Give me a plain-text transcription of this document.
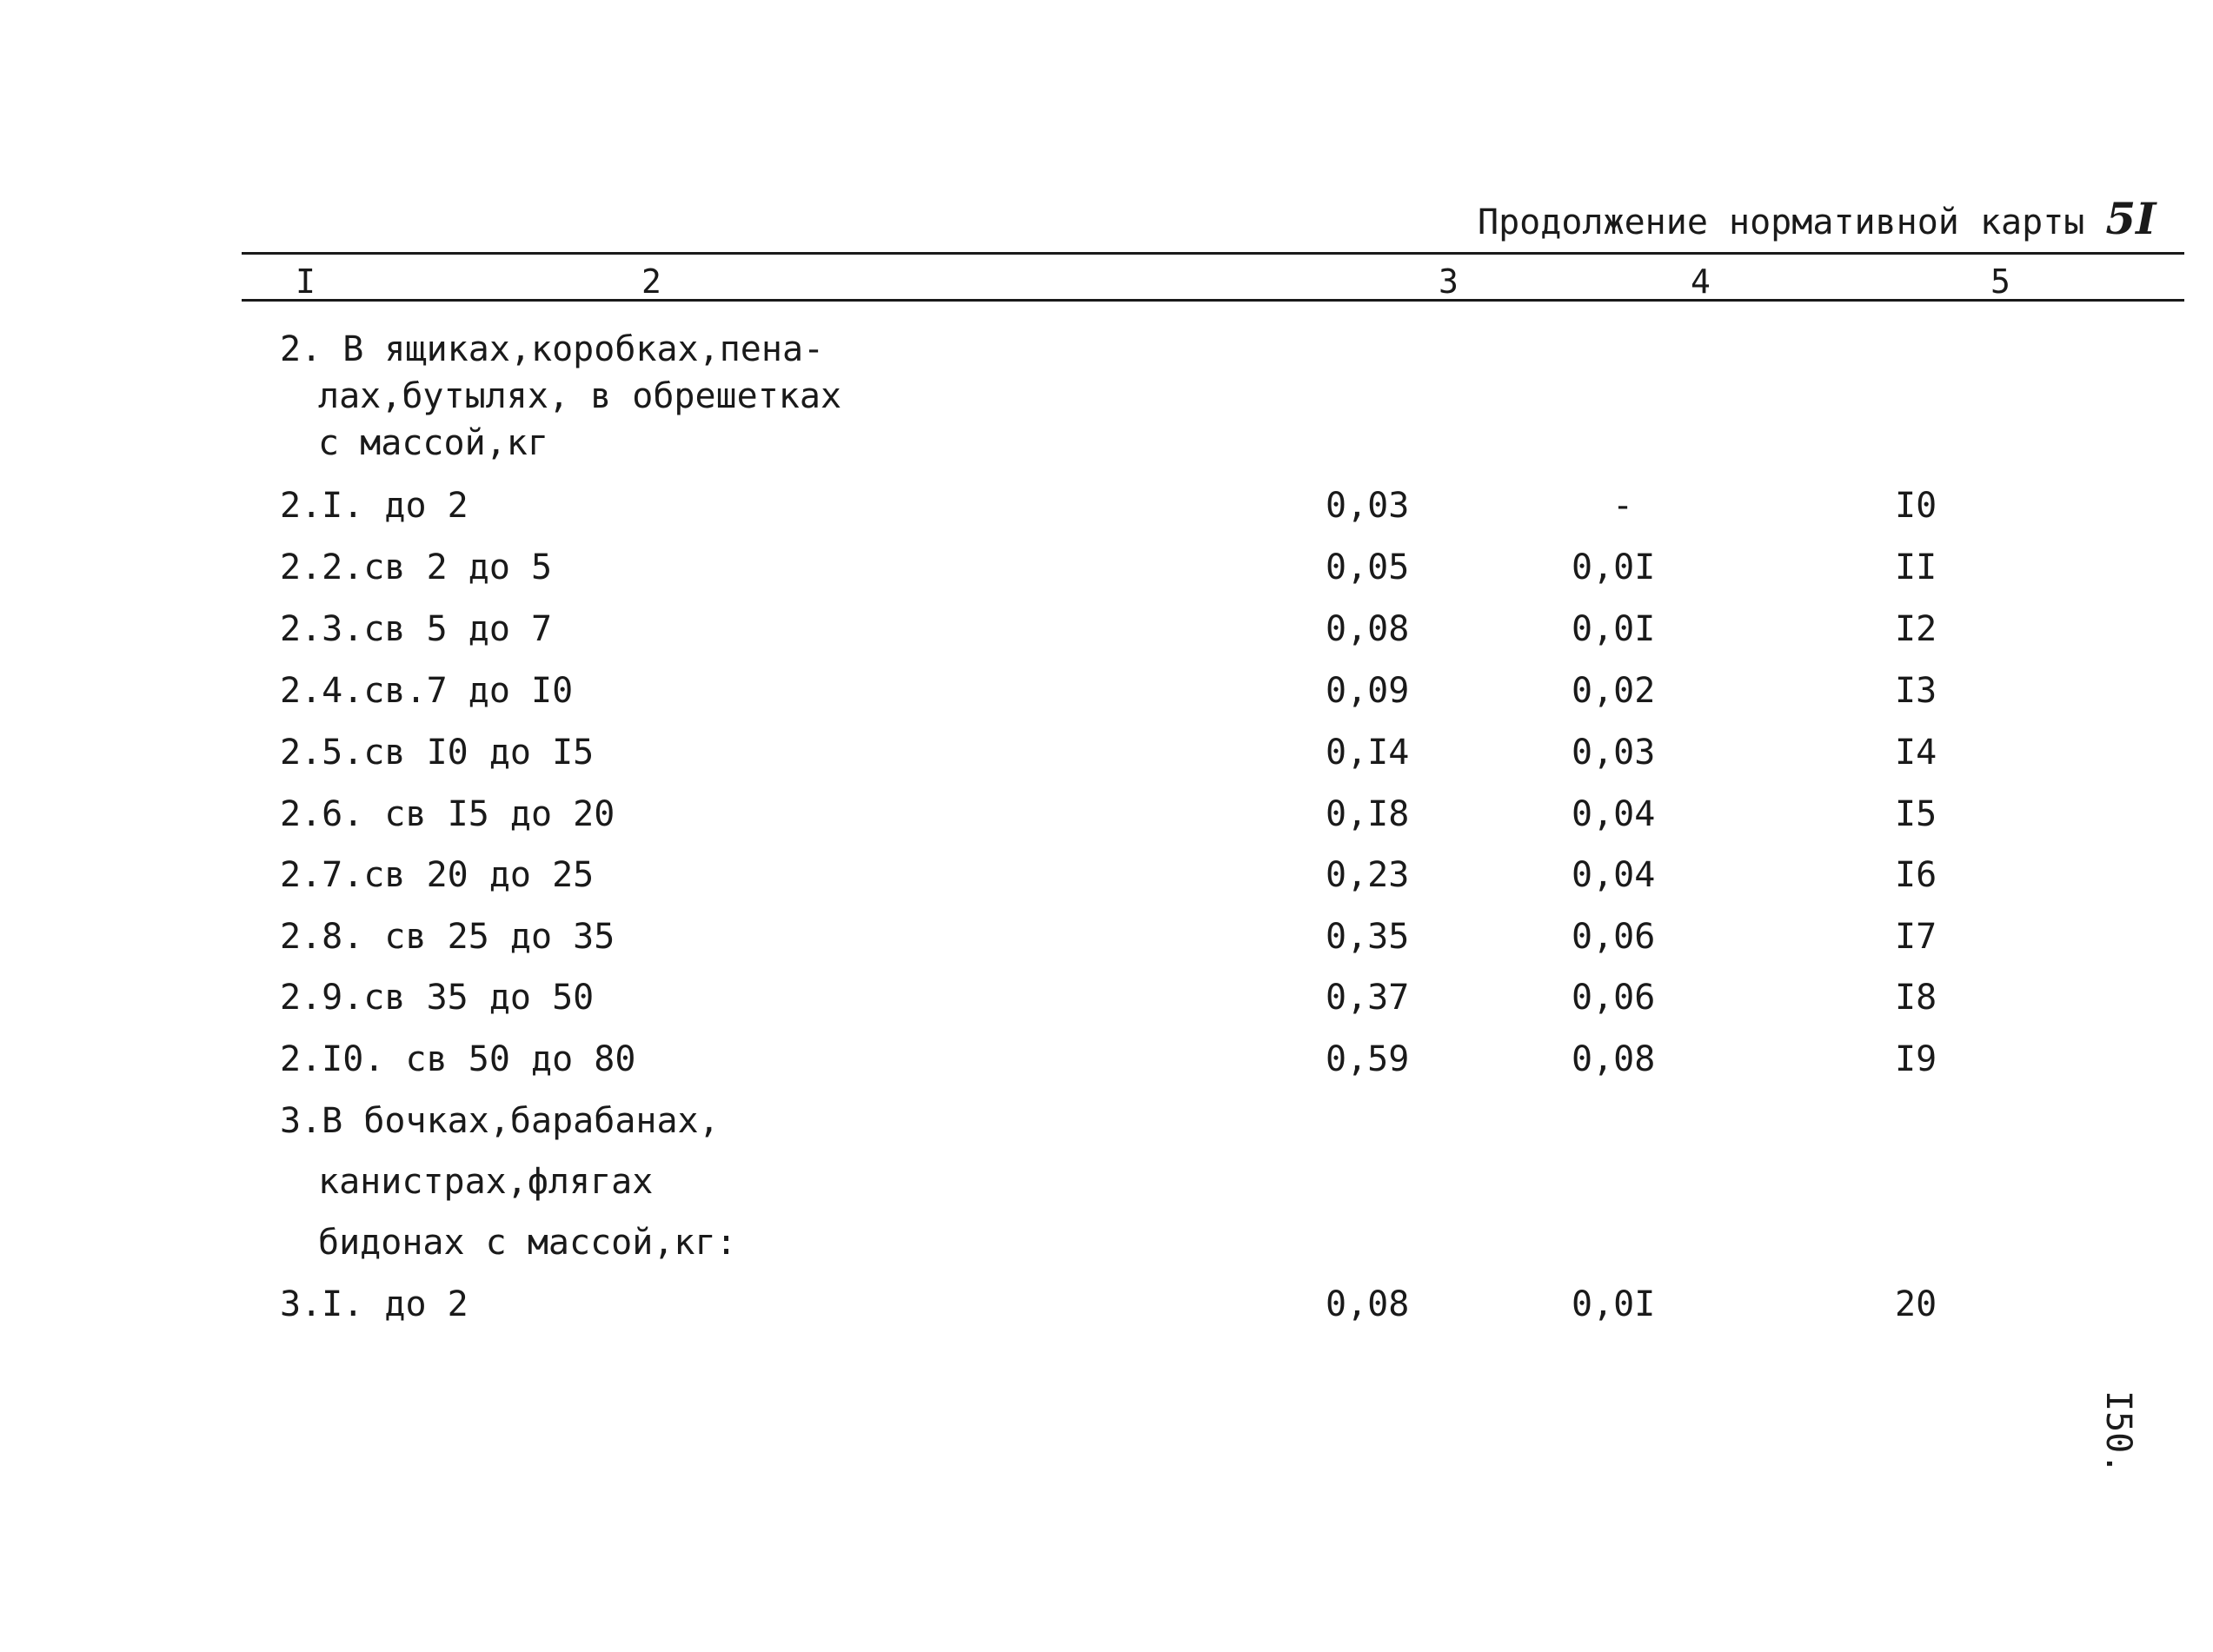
Продолжение нормативной карты 5I
I	2	3	4	5
2. В ящиках,коробках,пена-
лах,бутылях, в обрешетках
с массой,кг
2.I. до 2	0,03	-	I0
2.2.св 2 до 5	0,05	0,0I	II
2.3.св 5 до 7	0,08	0,0I	I2
2.4.св.7 до I0	0,09	0,02	I3
2.5.св I0 до I5	0,I4	0,03	I4
2.6. св I5 до 20	0,I8	0,04	I5
2.7.св 20 до 25	0,23	0,04	I6
2.8. св 25 до 35	0,35	0,06	I7
2.9.св 35 до 50	0,37	0,06	I8
2.I0. св 50 до 80	0,59	0,08	I9
3.В бочках,барабанах,
канистрах,флягах
бидонах с массой,кг:
3.I. до 2	0,08	0,0I	20
I50.
